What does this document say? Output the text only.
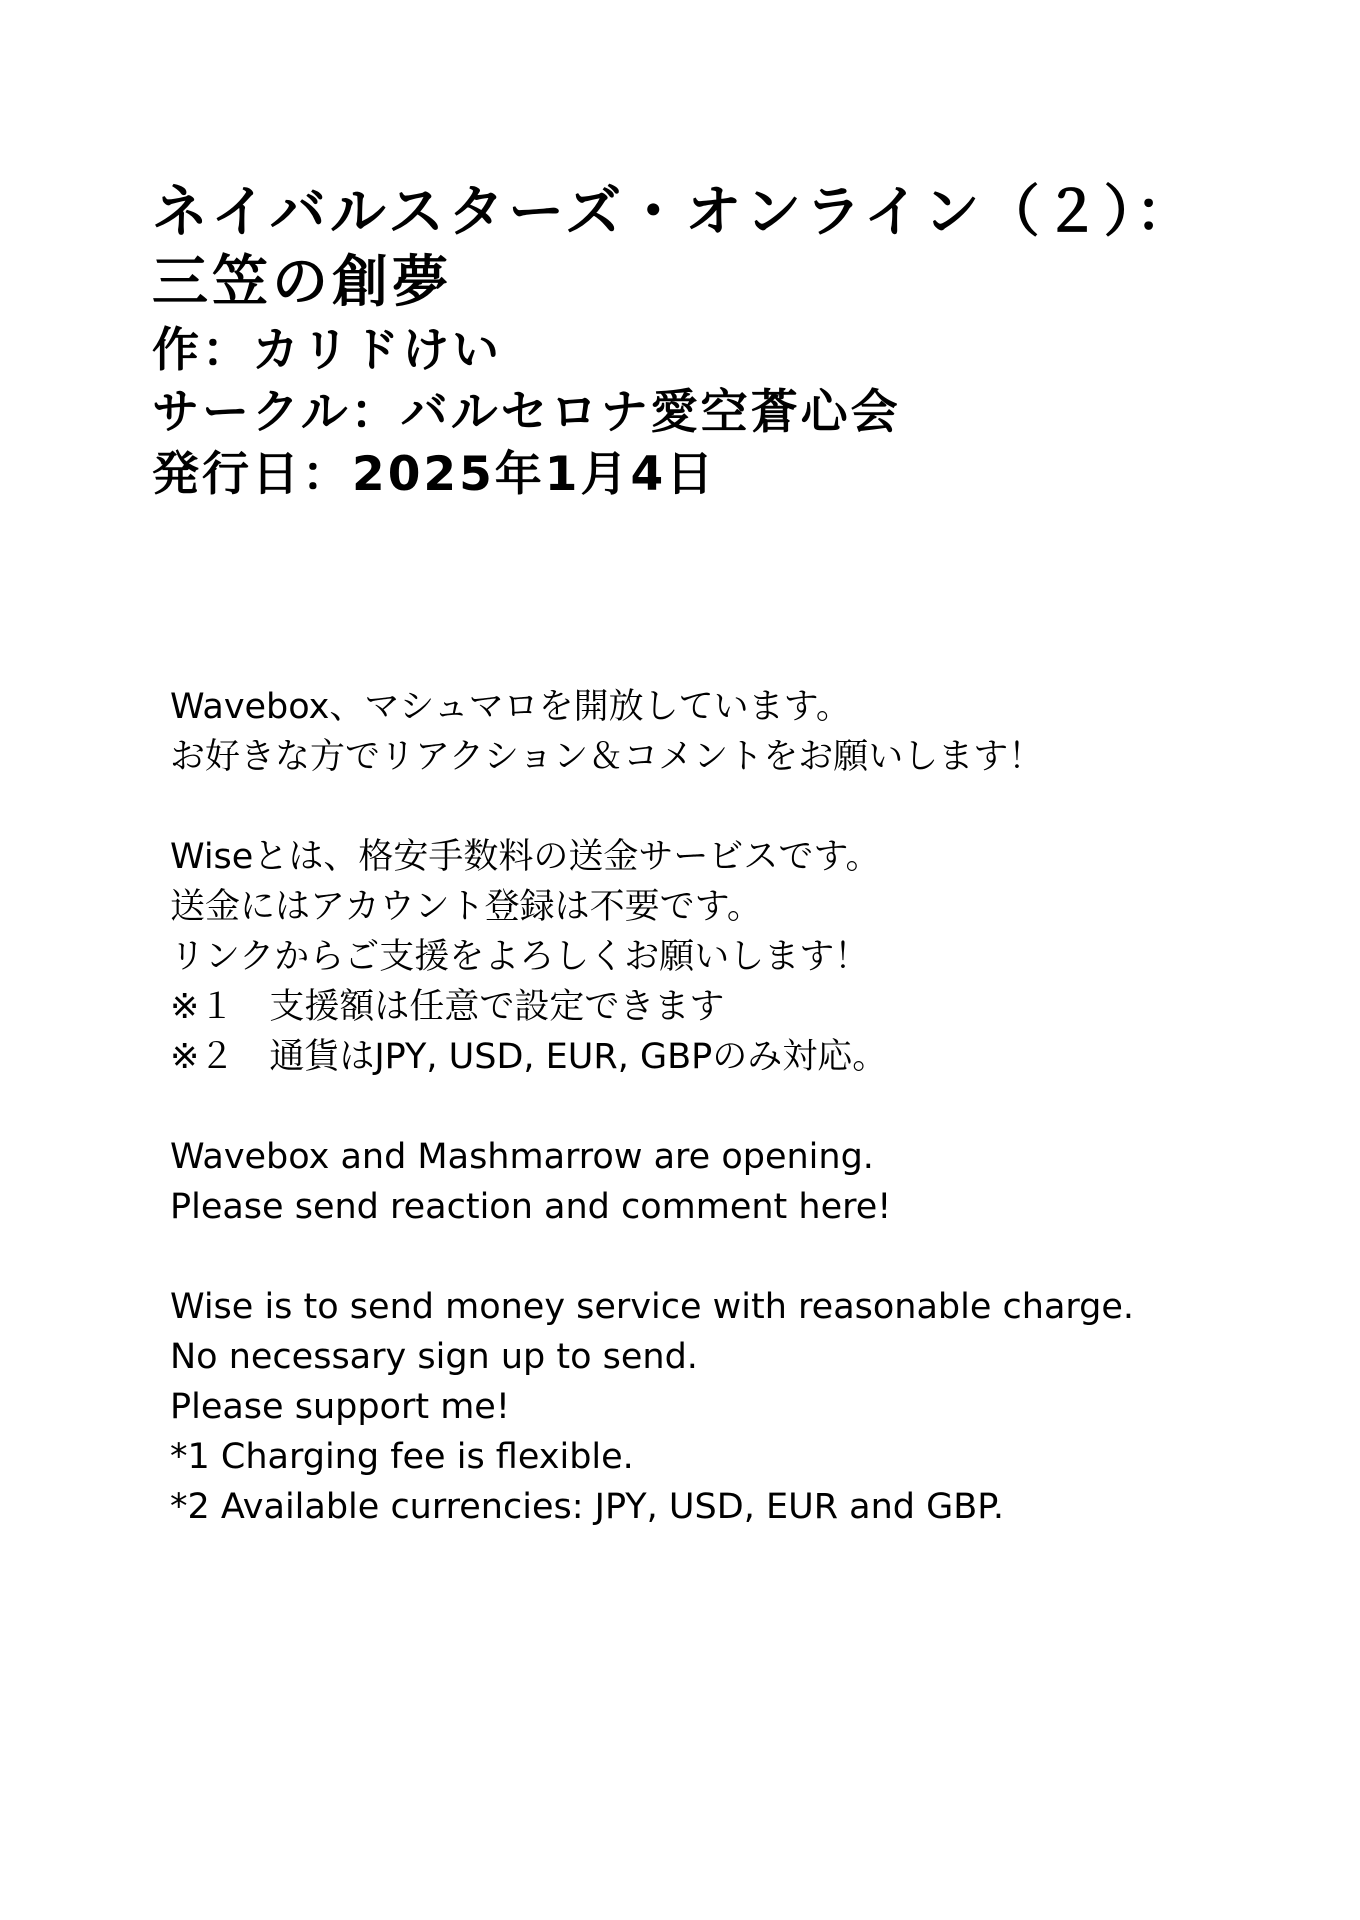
ネイバルスターズ・オンライン（２）：
三笠の創夢
作：カリドけい
サークル：バルセロナ愛空蒼心会
発行日：2025年1月4日
Wavebox、マシュマロを開放しています。
お好きな方でリアクション＆コメントをお願いします！
Wiseとは、格安手数料の送金サービスです。
送金にはアカウント登録は不要です。
リンクからご支援をよろしくお願いします！
※１　支援額は任意で設定できます
※２　通貨はJPY, USD, EUR, GBPのみ対応。
Wavebox and Mashmarrow are opening.
Please send reaction and comment here!
Wise is to send money service with reasonable charge.
No necessary sign up to send.
Please support me!
*1 Charging fee is flexible.
*2 Available currencies: JPY, USD, EUR and GBP.
